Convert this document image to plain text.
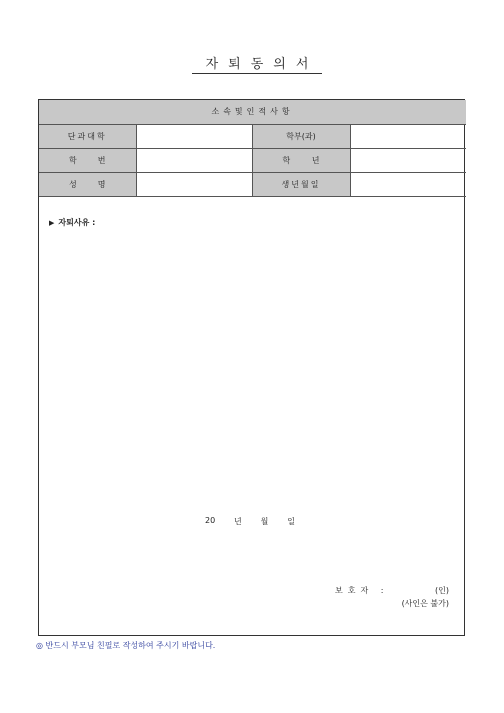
자퇴동의서
소속및인적사항			
단과대학		학부(과)	

학 번		학 년	

성 명		생년월일	
▶ 자퇴사유 :
20 년 월 일
보호자 :	(인)
(사인은 불가)
◎ 반드시 부모님 친필로 작성하여 주시기 바랍니다.
